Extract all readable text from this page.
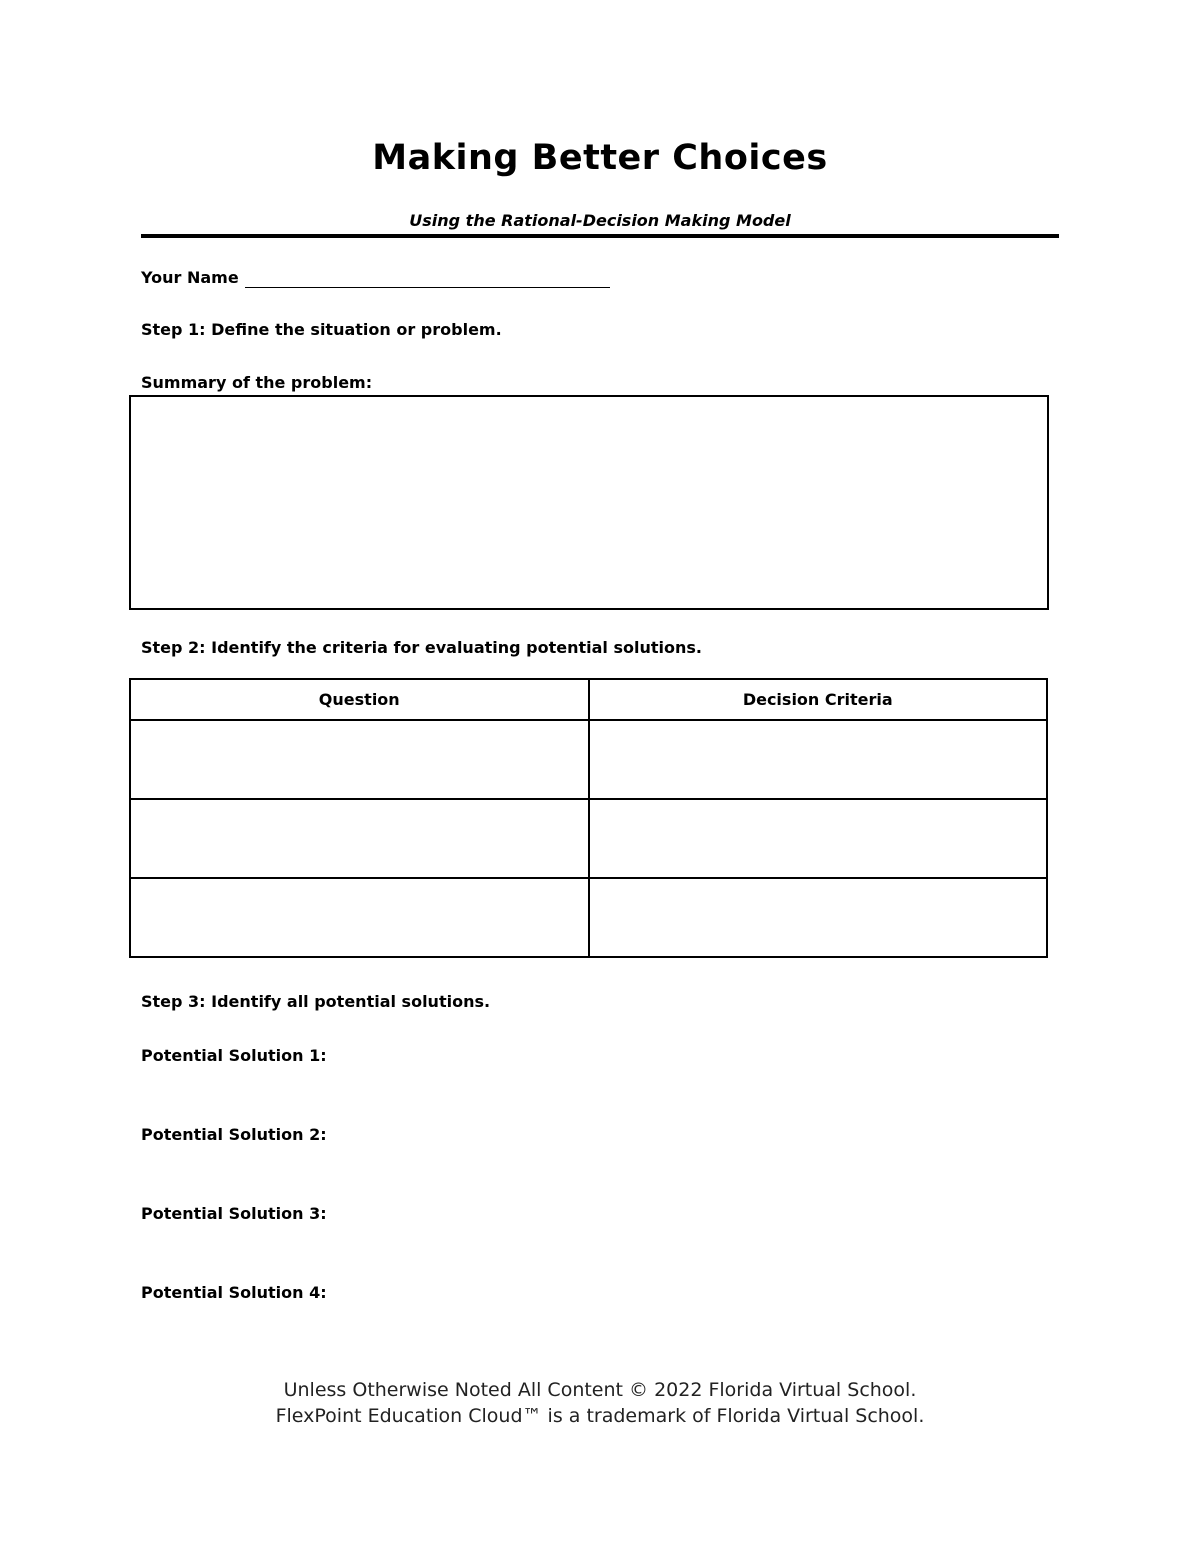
Making Better Choices
Using the Rational-Decision Making Model
Your Name
Step 1: Define the situation or problem.
Summary of the problem:
Step 2: Identify the criteria for evaluating potential solutions.
Question	Decision Criteria

Step 3: Identify all potential solutions.
Potential Solution 1:
Potential Solution 2:
Potential Solution 3:
Potential Solution 4:
Unless Otherwise Noted All Content © 2022 Florida Virtual School.
FlexPoint Education Cloud™ is a trademark of Florida Virtual School.
